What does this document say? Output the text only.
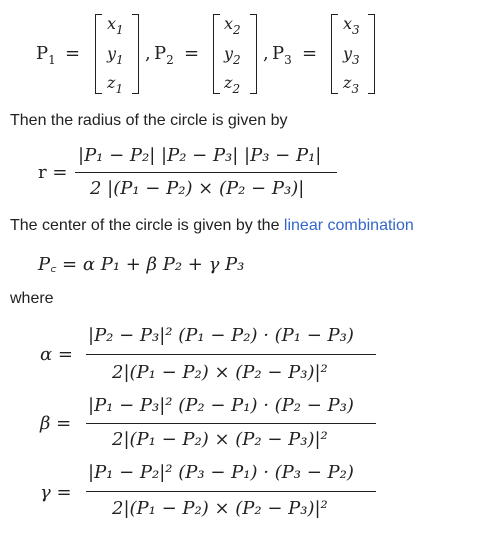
$P_1$ =
$x_1$
$y_1$
$z_1$
, $P_2$ =
$x_2$
$y_2$
$z_2$
, $P_3$ =
$x_3$
$y_3$
$z_3$
Then the radius of the circle is given by
r =
|P₁ − P₂| |P₂ − P₃| |P₃ − P₁|
2 |(P₁ − P₂) × (P₂ − P₃)|
The center of the circle is given by the linear combination
P꜀ = α P₁ + β P₂ + γ P₃
where
α =
|P₂ − P₃|² (P₁ − P₂) · (P₁ − P₃)
2|(P₁ − P₂) × (P₂ − P₃)|²
β =
|P₁ − P₃|² (P₂ − P₁) · (P₂ − P₃)
2|(P₁ − P₂) × (P₂ − P₃)|²
γ =
|P₁ − P₂|² (P₃ − P₁) · (P₃ − P₂)
2|(P₁ − P₂) × (P₂ − P₃)|²
